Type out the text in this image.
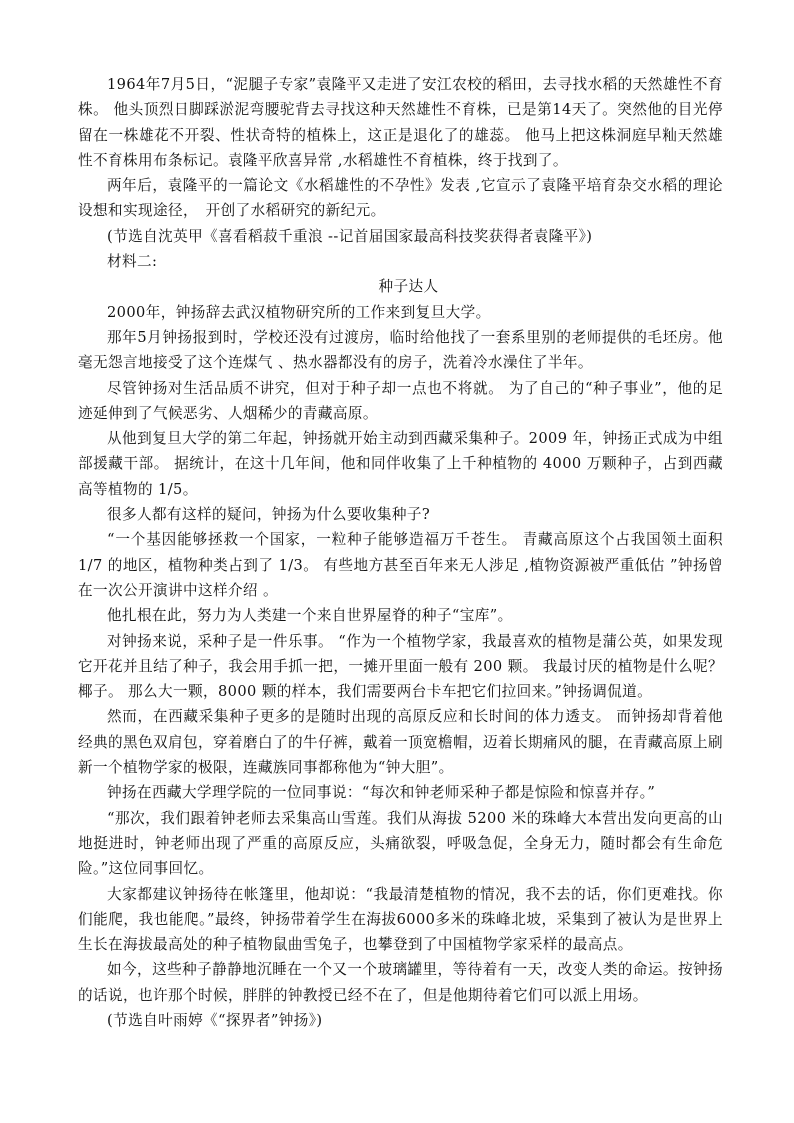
1964年7月5日，“泥腿子专家”袁隆平又走进了安江农校的稻田，去寻找水稻的天然雄性不育株。 他头顶烈日脚踩淤泥弯腰驼背去寻找这种天然雄性不育株，已是第14天了。突然他的目光停留在一株雄花不开裂、性状奇特的植株上，这正是退化了的雄蕊。 他马上把这株洞庭早籼天然雄性不育株用布条标记。袁隆平欣喜异常 ,水稻雄性不育植株，终于找到了。

两年后，袁隆平的一篇论文《水稻雄性的不孕性》发表 ,它宣示了袁隆平培育杂交水稻的理论设想和实现途径，　开创了水稻研究的新纪元。

(节选自沈英甲《喜看稻菽千重浪 --记首届国家最高科技奖获得者袁隆平》)

材料二:

种子达人

2000年，钟扬辞去武汉植物研究所的工作来到复旦大学。

那年5月钟扬报到时，学校还没有过渡房，临时给他找了一套系里别的老师提供的毛坯房。他毫无怨言地接受了这个连煤气 、热水器都没有的房子，洗着冷水澡住了半年。

尽管钟扬对生活品质不讲究，但对于种子却一点也不将就。 为了自己的“种子事业”，他的足迹延伸到了气候恶劣、人烟稀少的青藏高原。

从他到复旦大学的第二年起，钟扬就开始主动到西藏采集种子。2009 年，钟扬正式成为中组部援藏干部。 据统计，在这十几年间，他和同伴收集了上千种植物的 4000 万颗种子，占到西藏高等植物的 1/5。

很多人都有这样的疑问，钟扬为什么要收集种子?

“一个基因能够拯救一个国家，一粒种子能够造福万千苍生。 青藏高原这个占我国领土面积 1/7 的地区，植物种类占到了 1/3。 有些地方甚至百年来无人涉足 ,植物资源被严重低估 ”钟扬曾在一次公开演讲中这样介绍 。

他扎根在此，努力为人类建一个来自世界屋脊的种子“宝库”。

对钟扬来说，采种子是一件乐事。 “作为一个植物学家，我最喜欢的植物是蒲公英，如果发现它开花并且结了种子，我会用手抓一把，一摊开里面一般有 200 颗。 我最讨厌的植物是什么呢？椰子。 那么大一颗，8000 颗的样本，我们需要两台卡车把它们拉回来。”钟扬调侃道。

然而，在西藏采集种子更多的是随时出现的高原反应和长时间的体力透支。 而钟扬却背着他经典的黑色双肩包，穿着磨白了的牛仔裤，戴着一顶宽檐帽，迈着长期痛风的腿，在青藏高原上刷新一个植物学家的极限，连藏族同事都称他为“钟大胆”。

钟扬在西藏大学理学院的一位同事说：“每次和钟老师采种子都是惊险和惊喜并存。”

“那次，我们跟着钟老师去采集高山雪莲。我们从海拔 5200 米的珠峰大本营出发向更高的山地挺进时，钟老师出现了严重的高原反应，头痛欲裂，呼吸急促，全身无力，随时都会有生命危险。”这位同事回忆。

大家都建议钟扬待在帐篷里，他却说：“我最清楚植物的情况，我不去的话，你们更难找。你们能爬，我也能爬。”最终，钟扬带着学生在海拔6000多米的珠峰北坡，采集到了被认为是世界上生长在海拔最高处的种子植物鼠曲雪兔子，也攀登到了中国植物学家采样的最高点。

如今，这些种子静静地沉睡在一个又一个玻璃罐里，等待着有一天，改变人类的命运。按钟扬的话说，也许那个时候，胖胖的钟教授已经不在了，但是他期待着它们可以派上用场。

(节选自叶雨婷《“探界者”钟扬》)
